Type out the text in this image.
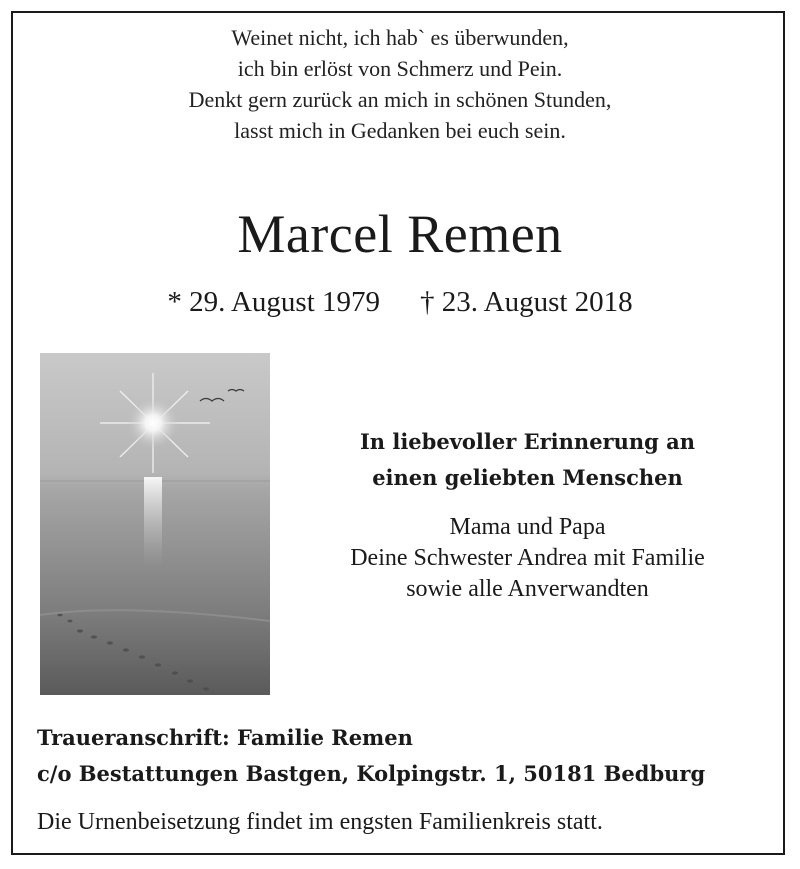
Weinet nicht, ich hab` es überwunden,
ich bin erlöst von Schmerz und Pein.
Denkt gern zurück an mich in schönen Stunden,
lasst mich in Gedanken bei euch sein.
Marcel Remen
* 29. August 1979 † 23. August 2018
In liebevoller Erinnerung an
einen geliebten Menschen
Mama und Papa
Deine Schwester Andrea mit Familie
sowie alle Anverwandten
Traueranschrift: Familie Remen
c/o Bestattungen Bastgen, Kolpingstr. 1, 50181 Bedburg
Die Urnenbeisetzung findet im engsten Familienkreis statt.
